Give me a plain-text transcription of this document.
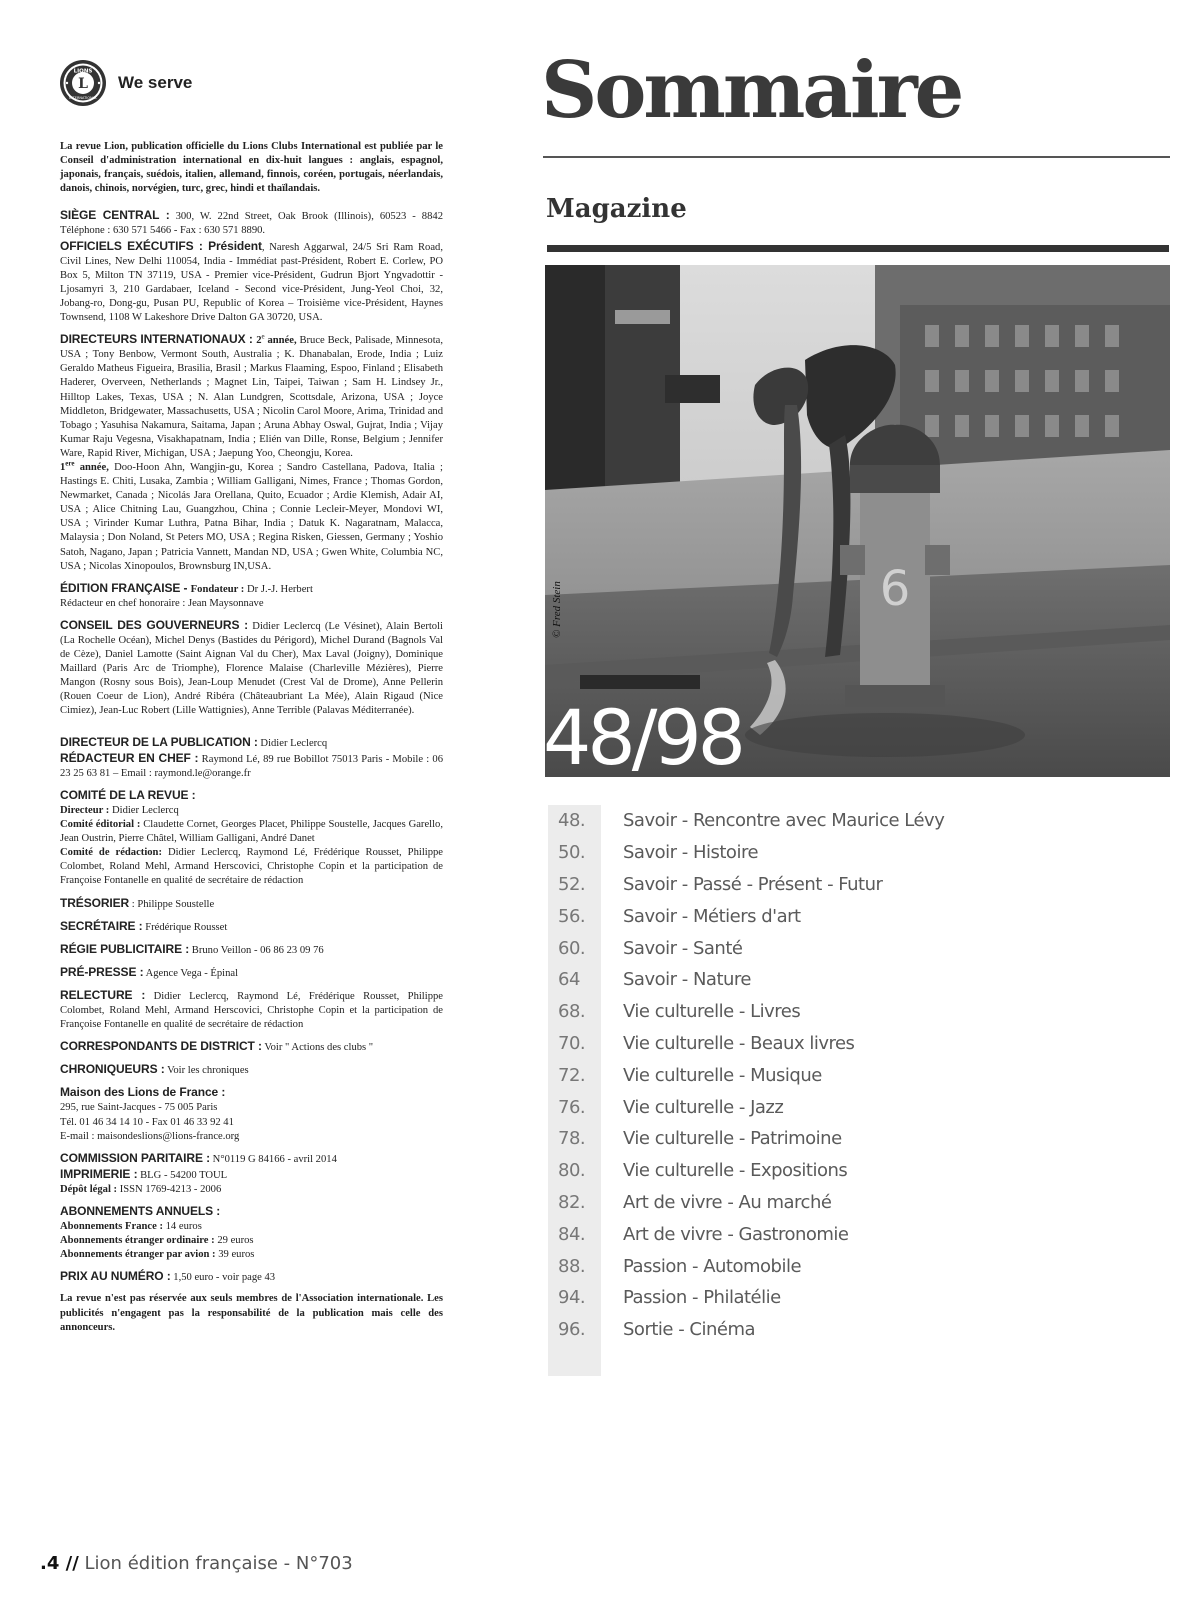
L
LIONS
INTERNATIONAL
We serve

La revue Lion, publication officielle du Lions Clubs International est publiée par le Conseil d'administration international en dix-huit langues : anglais, espagnol, japonais, français, suédois, italien, allemand, finnois, coréen, portugais, néerlandais, danois, chinois, norvégien, turc, grec, hindi et thaïlandais.

SIÈGE CENTRAL : 300, W. 22nd Street, Oak Brook (Illinois), 60523 - 8842 Téléphone : 630 571 5466 - Fax : 630 571 8890.

OFFICIELS EXÉCUTIFS : Président, Naresh Aggarwal, 24/5 Sri Ram Road, Civil Lines, New Delhi 110054, India - Immédiat past-Président, Robert E. Corlew, PO Box 5, Milton TN 37119, USA - Premier vice-Président, Gudrun Bjort Yngvadottir - Ljosamyri 3, 210 Gardabaer, Iceland - Second vice-Président, Jung-Yeol Choi, 32, Jobang-ro, Dong-gu, Pusan PU, Republic of Korea – Troisième vice-Président, Haynes Townsend, 1108 W Lakeshore Drive Dalton GA 30720, USA.

DIRECTEURS INTERNATIONAUX : 2e année, Bruce Beck, Palisade, Minnesota, USA ; Tony Benbow, Vermont South, Australia ; K. Dhanabalan, Erode, India ; Luiz Geraldo Matheus Figueira, Brasilia, Brasil ; Markus Flaaming, Espoo, Finland ; Elisabeth Haderer, Overveen, Netherlands ; Magnet Lin, Taipei, Taiwan ; Sam H. Lindsey Jr., Hilltop Lakes, Texas, USA ; N. Alan Lundgren, Scottsdale, Arizona, USA ; Joyce Middleton, Bridgewater, Massachusetts, USA ; Nicolin Carol Moore, Arima, Trinidad and Tobago ; Yasuhisa Nakamura, Saitama, Japan ; Aruna Abhay Oswal, Gujrat, India ; Vijay Kumar Raju Vegesna, Visakhapatnam, India ; Elién van Dille, Ronse, Belgium ; Jennifer Ware, Rapid River, Michigan, USA ; Jaepung Yoo, Cheongju, Korea.

1ere année, Doo-Hoon Ahn, Wangjin-gu, Korea ; Sandro Castellana, Padova, Italia ; Hastings E. Chiti, Lusaka, Zambia ; William Galligani, Nimes, France ; Thomas Gordon, Newmarket, Canada ; Nicolás Jara Orellana, Quito, Ecuador ; Ardie Klemish, Adair AI, USA ; Alice Chitning Lau, Guangzhou, China ; Connie Lecleir-Meyer, Mondovi WI, USA ; Virinder Kumar Luthra, Patna Bihar, India ; Datuk K. Nagaratnam, Malacca, Malaysia ; Don Noland, St Peters MO, USA ; Regina Risken, Giessen, Germany ; Yoshio Satoh, Nagano, Japan ; Patricia Vannett, Mandan ND, USA ; Gwen White, Columbia NC, USA ; Nicolas Xinopoulos, Brownsburg IN,USA.

ÉDITION FRANÇAISE - Fondateur : Dr J.-J. Herbert

Rédacteur en chef honoraire : Jean Maysonnave

CONSEIL DES GOUVERNEURS : Didier Leclercq (Le Vésinet), Alain Bertoli (La Rochelle Océan), Michel Denys (Bastides du Périgord), Michel Durand (Bagnols Val de Cèze), Daniel Lamotte (Saint Aignan Val du Cher), Max Laval (Joigny), Dominique Maillard (Paris Arc de Triomphe), Florence Malaise (Charleville Mézières), Pierre Mangon (Rosny sous Bois), Jean-Loup Menudet (Crest Val de Drome), Anne Pellerin (Rouen Coeur de Lion), André Ribéra (Châteaubriant La Mée), Alain Rigaud (Nice Cimiez), Jean-Luc Robert (Lille Wattignies), Anne Terrible (Palavas Méditerranée).

DIRECTEUR DE LA PUBLICATION : Didier Leclercq

RÉDACTEUR EN CHEF : Raymond Lé, 89 rue Bobillot 75013 Paris - Mobile : 06 23 25 63 81 – Email : raymond.le@orange.fr

COMITÉ DE LA REVUE :

Directeur : Didier Leclercq

Comité éditorial : Claudette Cornet, Georges Placet, Philippe Soustelle, Jacques Garello, Jean Oustrin, Pierre Châtel, William Galligani, André Danet

Comité de rédaction: Didier Leclercq, Raymond Lé, Frédérique Rousset, Philippe Colombet, Roland Mehl, Armand Herscovici, Christophe Copin et la participation de Françoise Fontanelle en qualité de secrétaire de rédaction

TRÉSORIER : Philippe Soustelle

SECRÉTAIRE : Frédérique Rousset

RÉGIE PUBLICITAIRE : Bruno Veillon - 06 86 23 09 76

PRÉ-PRESSE : Agence Vega - Épinal

RELECTURE : Didier Leclercq, Raymond Lé, Frédérique Rousset, Philippe Colombet, Roland Mehl, Armand Herscovici, Christophe Copin et la participation de Françoise Fontanelle en qualité de secrétaire de rédaction

CORRESPONDANTS DE DISTRICT : Voir " Actions des clubs "

CHRONIQUEURS : Voir les chroniques

Maison des Lions de France :

295, rue Saint-Jacques - 75 005 Paris

Tél. 01 46 34 14 10 - Fax 01 46 33 92 41

E-mail : maisondeslions@lions-france.org

COMMISSION PARITAIRE : N°0119 G 84166 - avril 2014

IMPRIMERIE : BLG - 54200 TOUL

Dépôt légal : ISSN 1769-4213 - 2006

ABONNEMENTS ANNUELS :

Abonnements France : 14 euros

Abonnements étranger ordinaire : 29 euros

Abonnements étranger par avion : 39 euros

PRIX AU NUMÉRO : 1,50 euro - voir page 43

La revue n'est pas réservée aux seuls membres de l'Association internationale. Les publicités n'engagent pas la responsabilité de la publication mais celle des annonceurs.

Sommaire
Magazine
6
© Fred Stein
48/98
48.	Savoir - Rencontre avec Maurice Lévy
50.	Savoir - Histoire
52.	Savoir - Passé - Présent - Futur
56.	Savoir - Métiers d'art
60.	Savoir - Santé
64	Savoir - Nature
68.	Vie culturelle - Livres
70.	Vie culturelle - Beaux livres
72.	Vie culturelle - Musique
76.	Vie culturelle - Jazz
78.	Vie culturelle - Patrimoine
80.	Vie culturelle - Expositions
82.	Art de vivre - Au marché
84.	Art de vivre - Gastronomie
88.	Passion - Automobile
94.	Passion - Philatélie
96.	Sortie - Cinéma
.4 // Lion édition française - N°703
